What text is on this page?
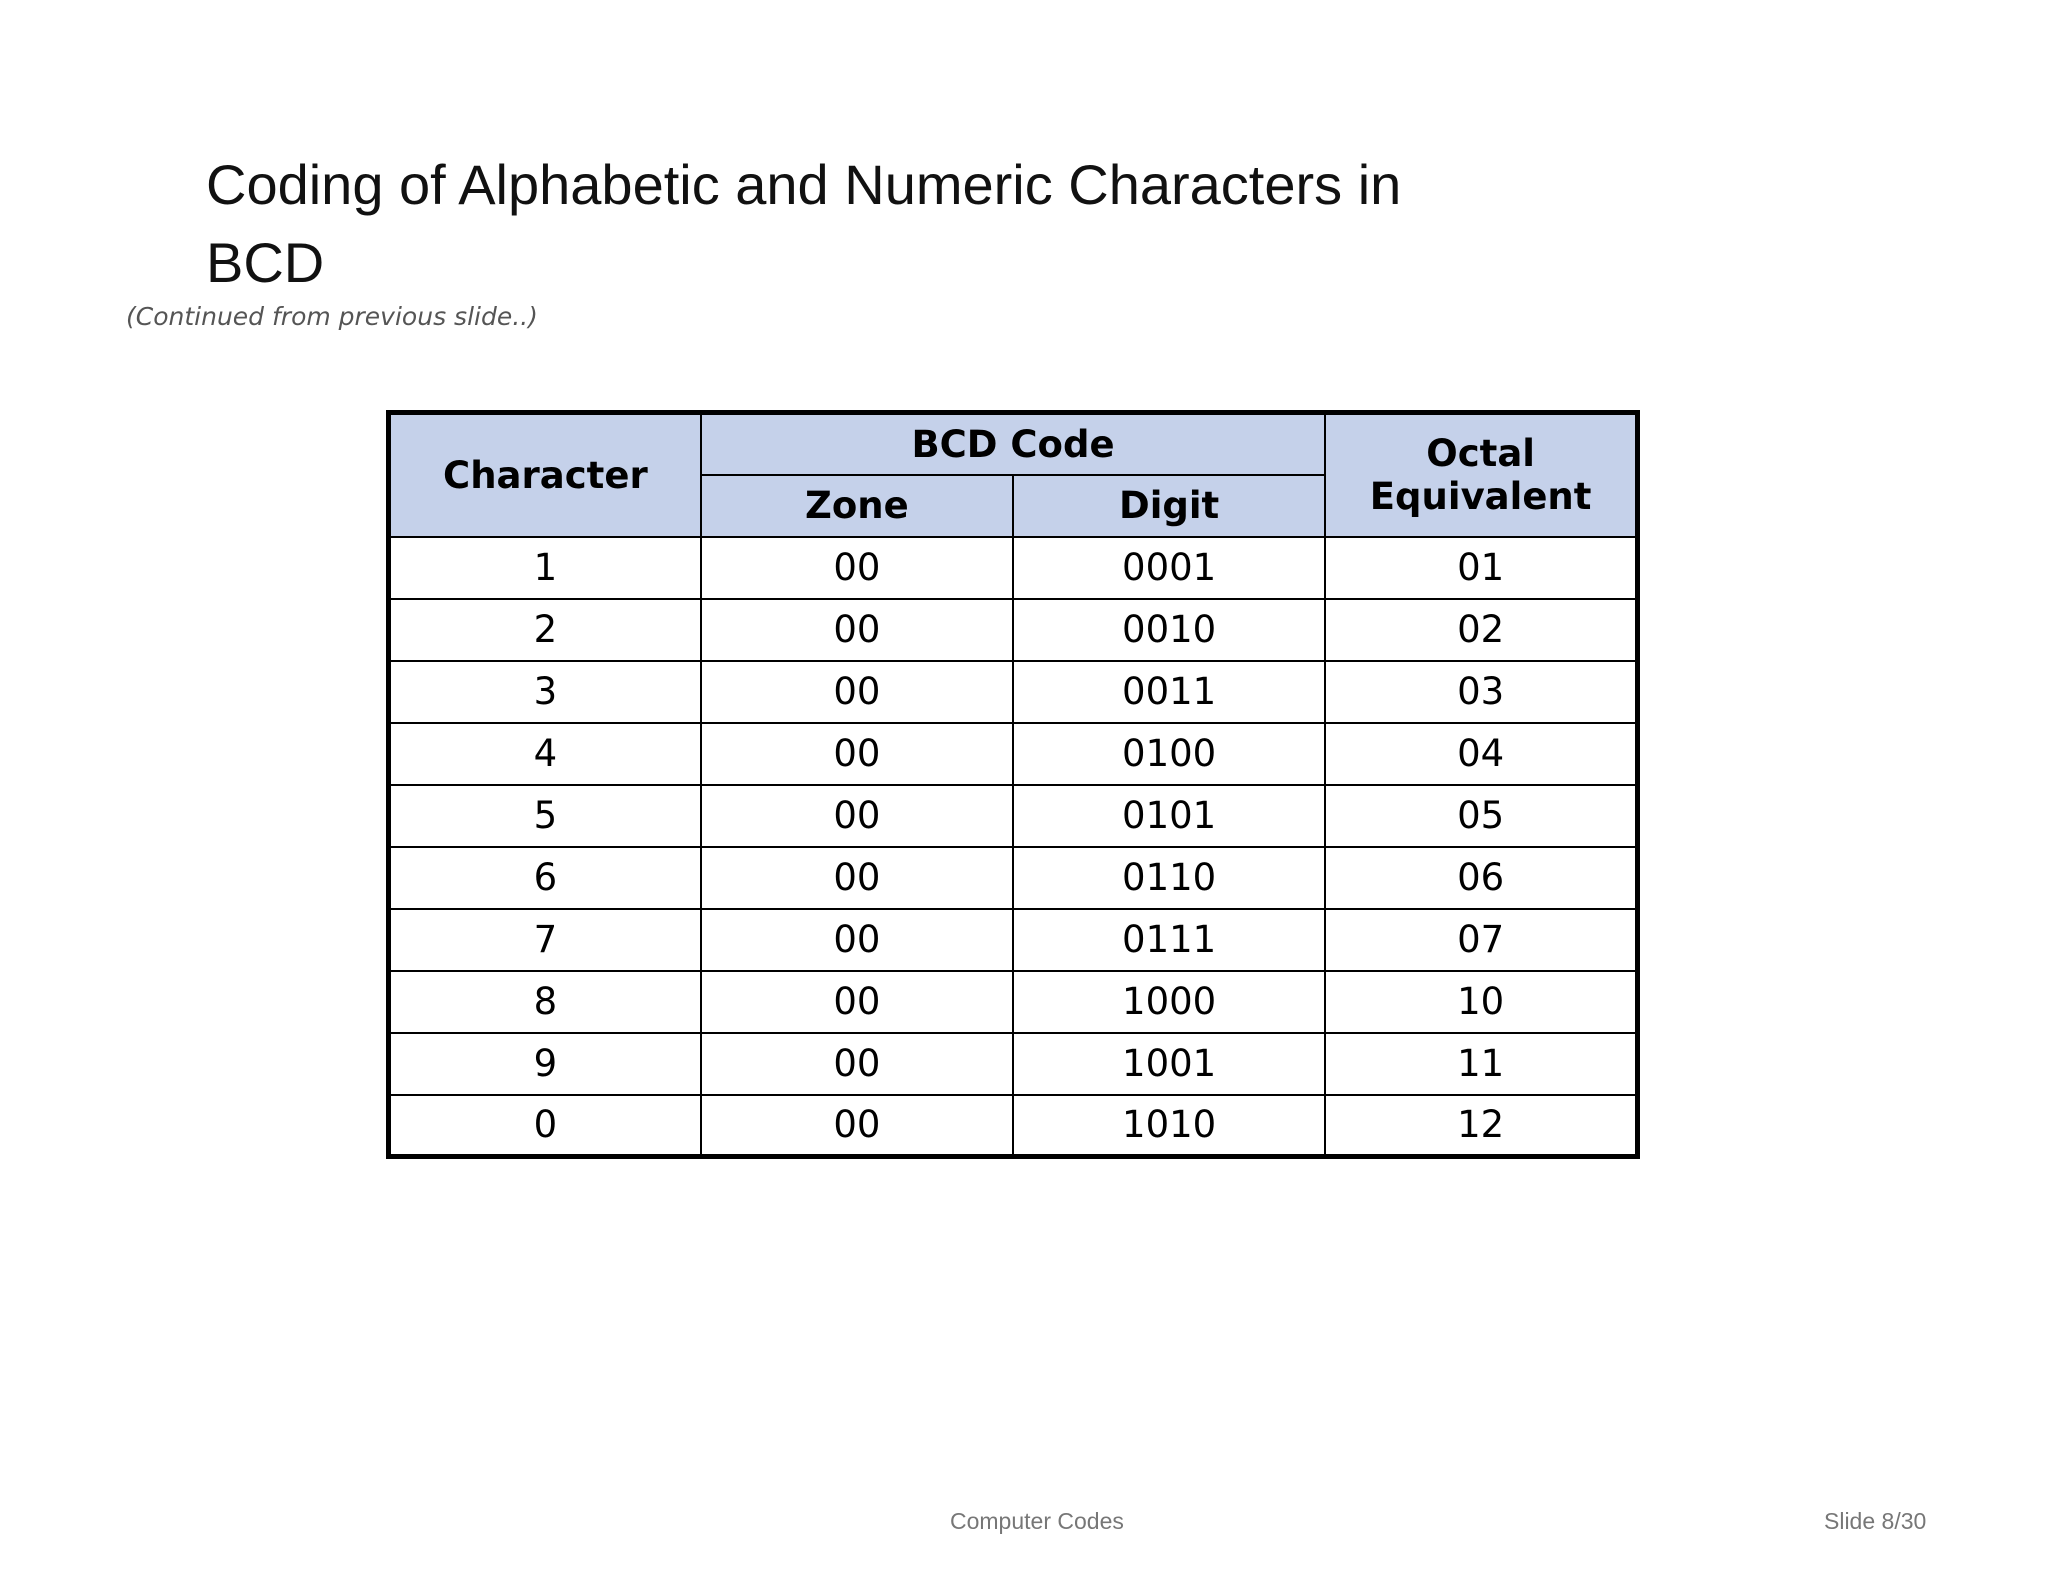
Coding of Alphabetic and Numeric Characters in BCD
(Continued from previous slide..)
Character	BCD Code		Octal Equivalent
	Zone	Digit	
1	00	0001	01
2	00	0010	02
3	00	0011	03
4	00	0100	04
5	00	0101	05
6	00	0110	06
7	00	0111	07
8	00	1000	10
9	00	1001	11
0	00	1010	12
Computer Codes	Slide 8/30
